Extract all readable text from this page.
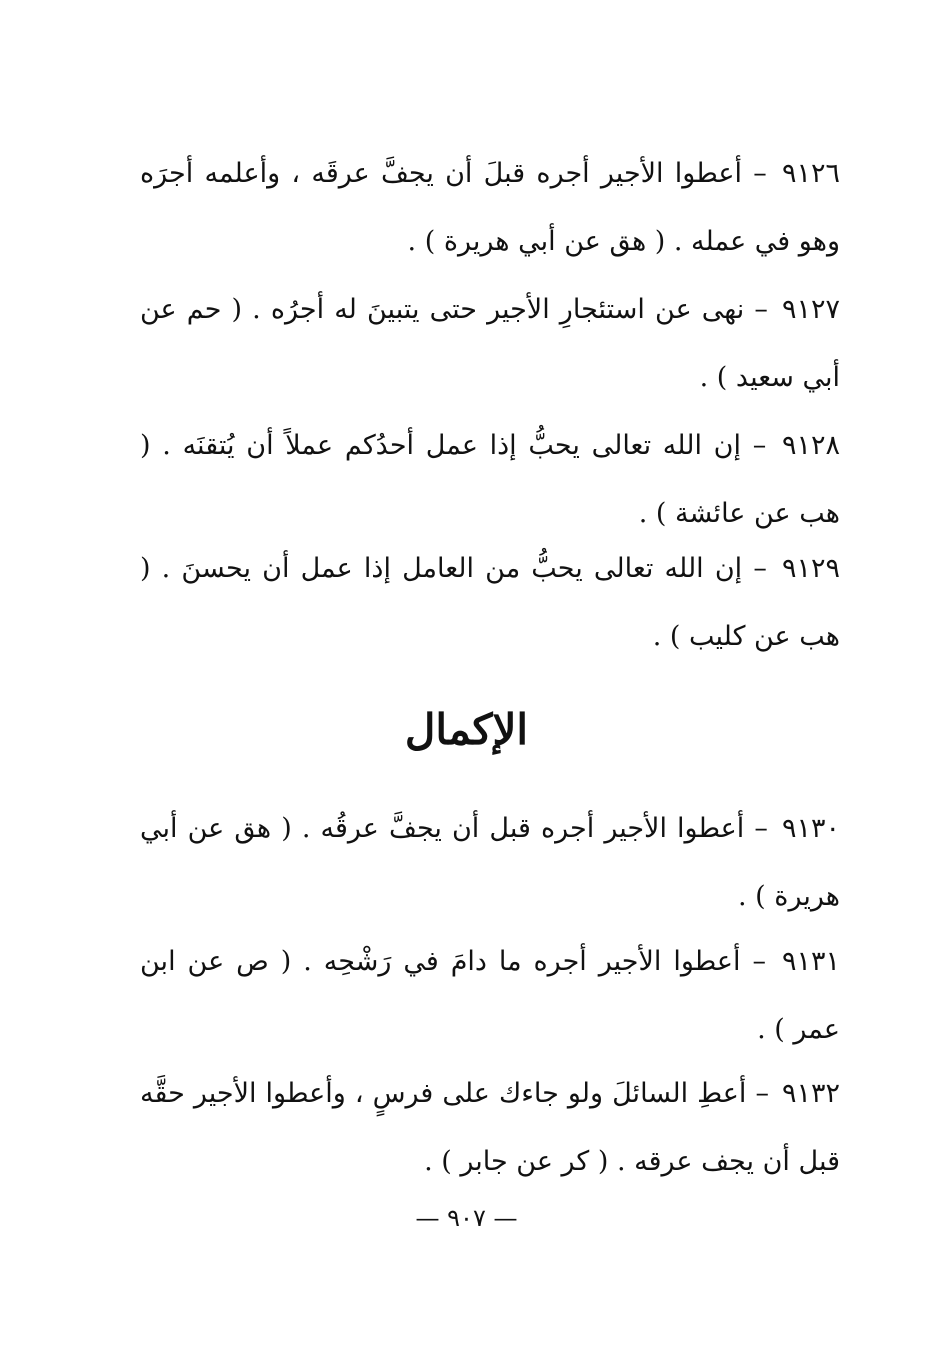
٩١٢٦ – أعطوا الأجير أجره قبلَ أن يجفَّ عرقَه ، وأعلمه أجرَه وهو في عمله . ( هق عن أبي هريرة ) .

٩١٢٧ – نهى عن استئجارِ الأجير حتى يتبينَ له أجرُه . ( حم عن أبي سعيد ) .

٩١٢٨ – إن الله تعالى يحبُّ إذا عمل أحدُكم عملاً أن يُتقنَه . ( هب عن عائشة ) .

٩١٢٩ – إن الله تعالى يحبُّ من العامل إذا عمل أن يحسنَ . ( هب عن كليب ) .

الإكمال

٩١٣٠ – أعطوا الأجير أجره قبل أن يجفَّ عرقُه . ( هق عن أبي هريرة ) .

٩١٣١ – أعطوا الأجير أجره ما دامَ في رَشْحِه . ( ص عن ابن عمر ) .

٩١٣٢ – أعطِ السائلَ ولو جاءك على فرسٍ ، وأعطوا الأجير حقَّه قبل أن يجف عرقه . ( كر عن جابر ) .

— ٩٠٧ —
